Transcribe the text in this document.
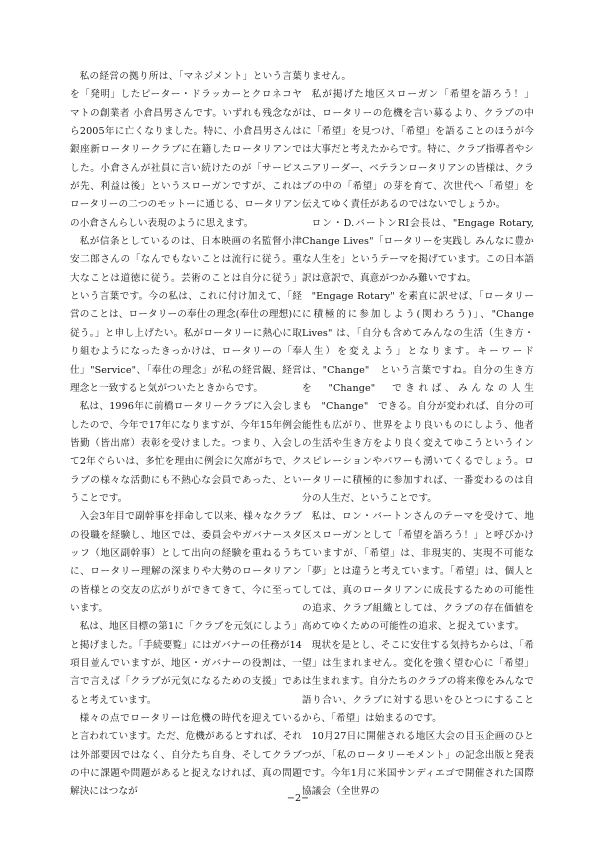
私の経営の拠り所は、「マネジメント」という言葉を「発明」したピーター・ドラッカーとクロネコヤマトの創業者 小倉昌男さんです。いずれも残念ながら2005年に亡くなりました。特に、小倉昌男さんは銀座新ロータリークラブに在籍したロータリアンでした。小倉さんが社員に言い続けたのが「サービスが先、利益は後」というスローガンですが、これはロータリーの二つのモットーに通じる、ロータリアンの小倉さんらしい表現のように思えます。

私が信条としているのは、日本映画の名監督小津安二郎さんの「なんでもないことは流行に従う。重大なことは道徳に従う。芸術のことは自分に従う」という言葉です。今の私は、これに付け加えて、「経営のことは、ロータリーの奉仕の理念(奉仕の理想)に従う。」と申し上げたい。私がロータリーに熱心に取り組むようになったきっかけは、ロータリーの「奉仕」"Service"、「奉仕の理念」が私の経営観、経営理念と一致すると気がついたときからです。

私は、1996年に前橋ロータリークラブに入会しましたので、今年で17年になりますが、今年15年例会皆勤（皆出席）表彰を受けました。つまり、入会して2年ぐらいは、多忙を理由に例会に欠席がちで、クラブの様々な活動にも不熱心な会員であった、ということです。

入会3年目で副幹事を拝命して以来、様々なクラブの役職を経験し、地区では、委員会やガバナースタッフ（地区副幹事）として出向の経験を重ねるうちに、ロータリー理解の深まりや大勢のロータリアンの皆様との交友の広がりができてきて、今に至っています。

私は、地区目標の第1に「クラブを元気にしよう」と掲げました。「手続要覧」にはガバナーの任務が14項目並んでいますが、地区・ガバナーの役割は、一言で言えば「クラブが元気になるための支援」であると考えています。

様々の点でロータリーは危機の時代を迎えていると言われています。ただ、危機があるとすれば、それは外部要因ではなく、自分たち自身、そしてクラブの中に課題や問題があると捉えなければ、真の問題解決にはつなが

りません。

私が掲げた地区スローガン「希望を語ろう！」は、ロータリーの危機を言い募るより、クラブの中に「希望」を見つけ、「希望」を語ることのほうが今は大事だと考えたからです。特に、クラブ指導者やシニアリーダー、ベテランロータリアンの皆様は、クラブの中の「希望」の芽を育て、次世代へ「希望」を伝えてゆく責任があるのではないでしょうか。

ロン・D.バートンRI会長は、"Engage Rotary, Change Lives"「ロータリーを実践し みんなに豊かな人生を」というテーマを掲げています。この日本語訳は意訳で、真意がつかみ難いですね。

"Engage Rotary" を素直に訳せば、「ロータリーに積極的に参加しよう(関わろう)」、"Change Lives" は、「自分も含めてみんなの生活（生き方・人生）を変えよう」となります。キーワードは、"Change"　という言葉ですね。自分の生き方を　"Change"　できれば、みんなの人生も　"Change"　できる。自分が変われば、自分の可能性も広がり、世界をより良いものにしよう、他者の生活や生き方をより良く変えてゆこうというインスピレーションやパワーも湧いてくるでしょう。ロータリーに積極的に参加すれば、一番変わるのは自分の人生だ、ということです。

私は、ロン・バートンさんのテーマを受けて、地区スローガンとして「希望を語ろう！」と呼びかけていますが、「希望」は、非現実的、実現不可能な「夢」とは違うと考えています。「希望」は、個人としては、真のロータリアンに成長するための可能性の追求、クラブ組織としては、クラブの存在価値を高めてゆくための可能性の追求、と捉えています。

現状を是とし、そこに安住する気持ちからは、「希望」は生まれません。変化を強く望む心に「希望」は生まれます。自分たちのクラブの将来像をみんなで語り合い、クラブに対する思いをひとつにすることから、「希望」は始まるのです。

10月27日に開催される地区大会の目玉企画のひとつが、「私のロータリーモメント」の記念出版と発表です。今年1月に米国サンディエゴで開催された国際協議会（全世界の

−2−
